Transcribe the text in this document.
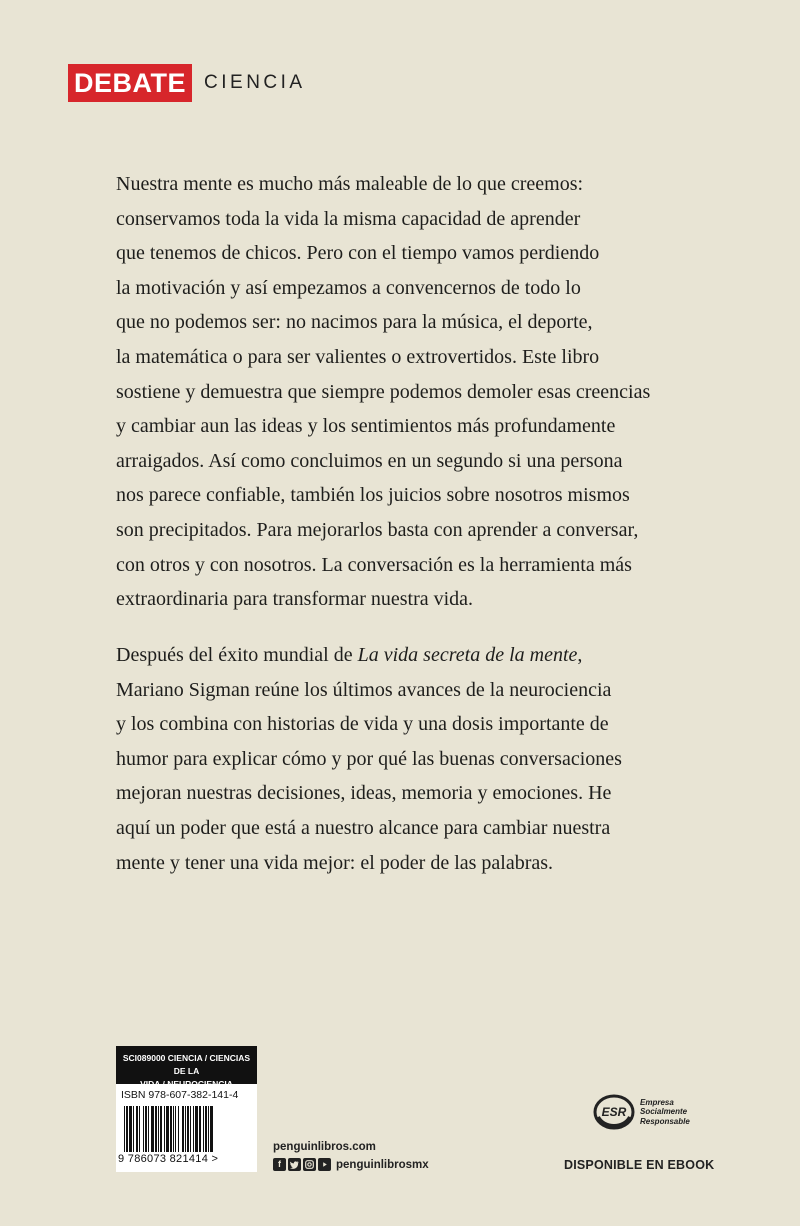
DEBATE CIENCIA
Nuestra mente es mucho más maleable de lo que creemos:
conservamos toda la vida la misma capacidad de aprender
que tenemos de chicos. Pero con el tiempo vamos perdiendo
la motivación y así empezamos a convencernos de todo lo
que no podemos ser: no nacimos para la música, el deporte,
la matemática o para ser valientes o extrovertidos. Este libro
sostiene y demuestra que siempre podemos demoler esas creencias
y cambiar aun las ideas y los sentimientos más profundamente
arraigados. Así como concluimos en un segundo si una persona
nos parece confiable, también los juicios sobre nosotros mismos
son precipitados. Para mejorarlos basta con aprender a conversar,
con otros y con nosotros. La conversación es la herramienta más
extraordinaria para transformar nuestra vida.
Después del éxito mundial de La vida secreta de la mente,
Mariano Sigman reúne los últimos avances de la neurociencia
y los combina con historias de vida y una dosis importante de
humor para explicar cómo y por qué las buenas conversaciones
mejoran nuestras decisiones, ideas, memoria y emociones. He
aquí un poder que está a nuestro alcance para cambiar nuestra
mente y tener una vida mejor: el poder de las palabras.
SCI089000 CIENCIA / CIENCIAS DE LA
ISBN 978-607-382-141-4
9 786073 821414 >
penguinlibros.com
f	penguinlibrosmx
ESR
Empresa
Socialmente
Responsable
DISPONIBLE EN EBOOK
